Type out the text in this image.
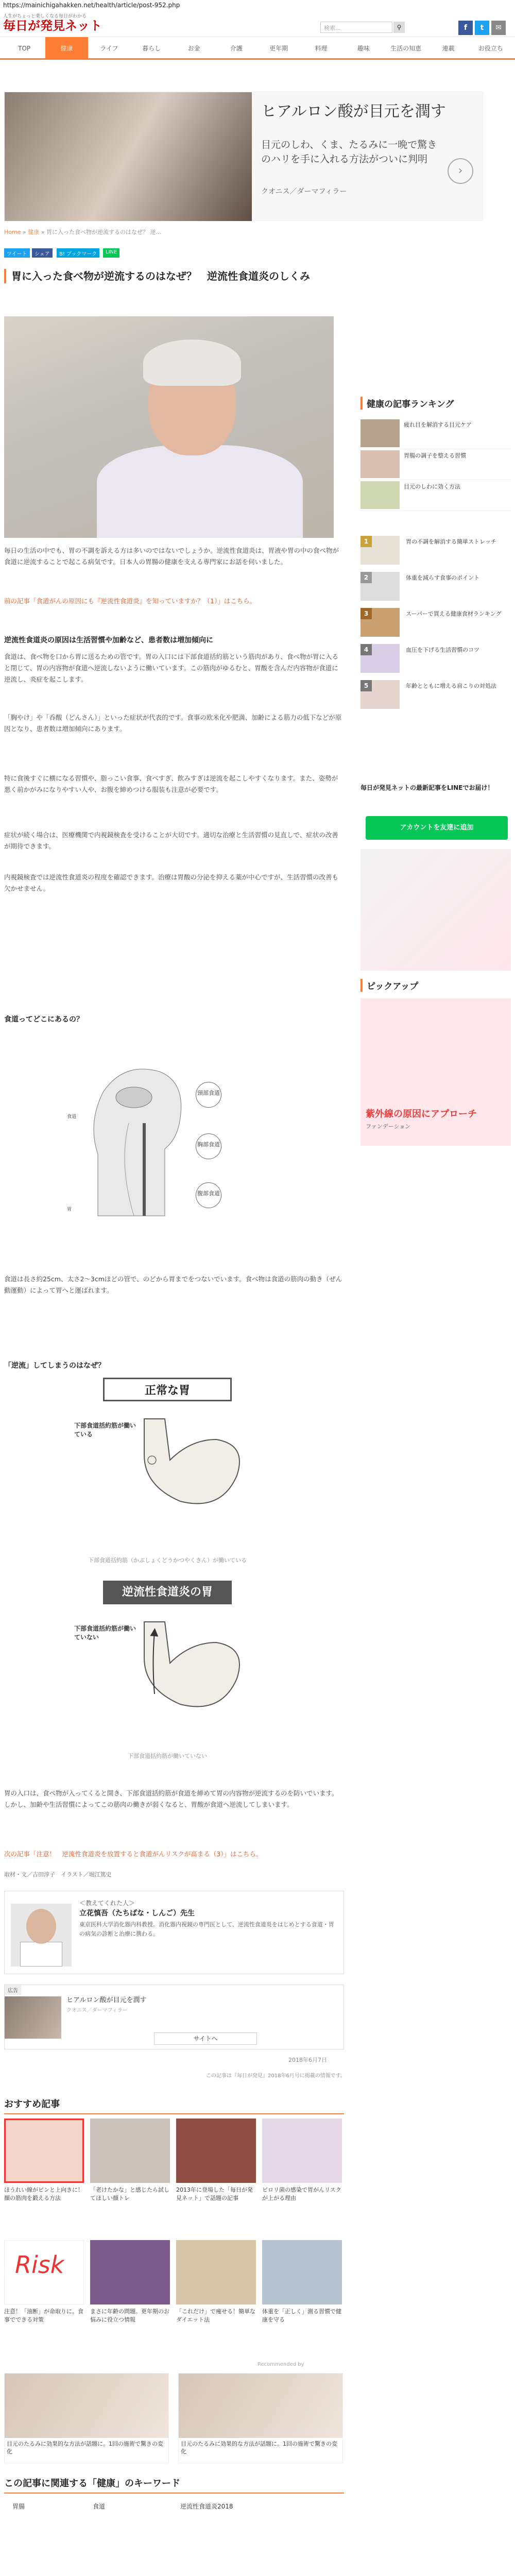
https://mainichigahakken.net/health/article/post-952.php
人生がちょっと楽しくなる毎日がわかる
毎日が発見ネット	検索...	⚲	f	t	✉
TOP	健康	ライフ	暮らし	お金	介護	更年期	料理	趣味	生活の知恵	連載	お役立ち
ヒアルロン酸が目元を潤す
目元のしわ、くま、たるみに一晩で驚きのハリを手に入れる方法がついに判明
クオニス／ダーマフィラー
›
Home » 健康 » 胃に入った食べ物が逆流するのはなぜ？ 逆…
ツイート	シェア	B! ブックマーク	LINE
胃に入った食べ物が逆流するのはなぜ？　逆流性食道炎のしくみ
毎日の生活の中でも、胃の不調を訴える方は多いのではないでしょうか。逆流性食道炎は、胃液や胃の中の食べ物が食道に逆流することで起こる病気です。日本人の胃腸の健康を支える専門家にお話を伺いました。
前の記事「食道がんの原因にも『逆流性食道炎』を知っていますか？（1）」はこちら。
逆流性食道炎の原因は生活習慣や加齢など、患者数は増加傾向に
食道は、食べ物を口から胃に送るための管です。胃の入口には下部食道括約筋という筋肉があり、食べ物が胃に入ると閉じて、胃の内容物が食道へ逆流しないように働いています。この筋肉がゆるむと、胃酸を含んだ内容物が食道に逆流し、炎症を起こします。
「胸やけ」や「呑酸（どんさん）」といった症状が代表的です。食事の欧米化や肥満、加齢による筋力の低下などが原因となり、患者数は増加傾向にあります。
特に食後すぐに横になる習慣や、脂っこい食事、食べすぎ、飲みすぎは逆流を起こしやすくなります。また、姿勢が悪く前かがみになりやすい人や、お腹を締めつける服装も注意が必要です。
症状が続く場合は、医療機関で内視鏡検査を受けることが大切です。適切な治療と生活習慣の見直しで、症状の改善が期待できます。
内視鏡検査では逆流性食道炎の程度を確認できます。治療は胃酸の分泌を抑える薬が中心ですが、生活習慣の改善も欠かせません。
食道ってどこにあるの？
頸部食道
胸部食道
腹部食道
食道
胃
食道は長さ約25cm、太さ2〜3cmほどの管で、のどから胃までをつないでいます。食べ物は食道の筋肉の動き（ぜん動運動）によって胃へと運ばれます。
「逆流」してしまうのはなぜ？
正常な胃
下部食道括約筋が働いている
下部食道括約筋（かぶしょくどうかつやくきん）が働いている
逆流性食道炎の胃
下部食道括約筋が働いていない
下部食道括約筋が働いていない
胃の入口は、食べ物が入ってくると開き、下部食道括約筋が食道を締めて胃の内容物が逆流するのを防いでいます。しかし、加齢や生活習慣によってこの筋肉の働きが弱くなると、胃酸が食道へ逆流してしまいます。
次の記事「注意！　逆流性食道炎を放置すると食道がんリスクが高まる（3）」はこちら。
取材・文／吉田淳子　イラスト／堀江篤史
＜教えてくれた人＞
立花慎吾（たちばな・しんご）先生
東京医科大学消化器内科教授。消化器内視鏡の専門医として、逆流性食道炎をはじめとする食道・胃の病気の診断と治療に携わる。
広告
ヒアルロン酸が目元を潤す
クオニス／ダーマフィラー
サイトへ
2018年6月7日
この記事は『毎日が発見』2018年6月号に掲載の情報です。
おすすめ記事
ほうれい線がピンと上向きに！顔の筋肉を鍛える方法
「老けたかな」と感じたら試してほしい顔トレ
2013年に登場した「毎日が発見ネット」で話題の記事
ピロリ菌の感染で胃がんリスクが上がる理由
Risk
注意！「油断」が命取りに。食事でできる対策
まさに年齢の問題。更年期のお悩みに役立つ情報
「これだけ」で痩せる！簡単なダイエット法
体重を「正しく」測る習慣で健康を守る
Recommended by
目元のたるみに効果的な方法が話題に。1回の施術で驚きの変化
目元のたるみに効果的な方法が話題に。1回の施術で驚きの変化
この記事に関連する「健康」のキーワード
胃腸	食道	逆流性食道炎2018
健康の記事ランキング
疲れ目を解消する目元ケア
胃腸の調子を整える習慣
目元のしわに効く方法
1	胃の不調を解消する簡単ストレッチ
2	体重を減らす食事のポイント
3	スーパーで買える健康食材ランキング
4	血圧を下げる生活習慣のコツ
5	年齢とともに増える肩こりの対処法
毎日が発見ネットの最新記事をLINEでお届け！
アカウントを友達に追加
ピックアップ
紫外線の原因にアプローチ
ファンデーション
